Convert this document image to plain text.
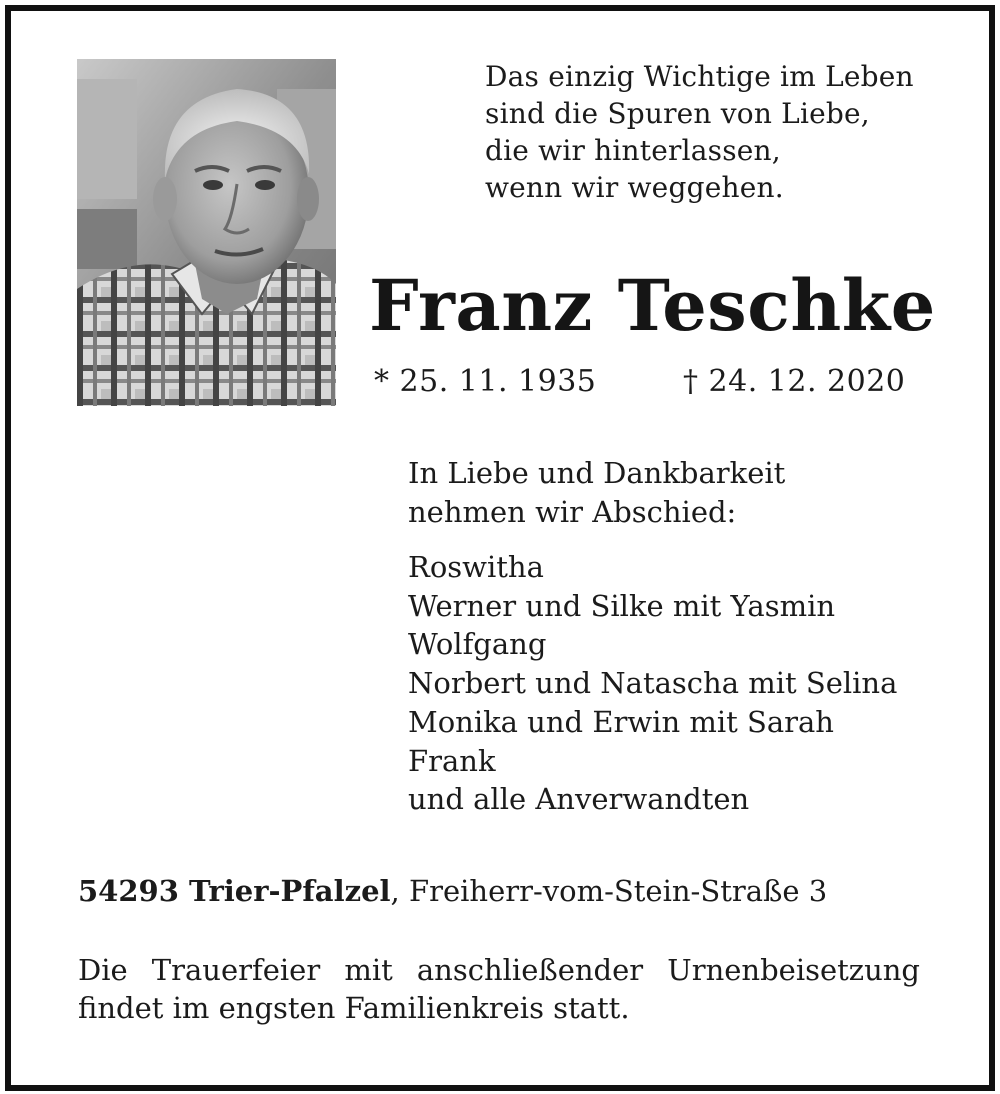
Das einzig Wichtige im Leben
sind die Spuren von Liebe,
die wir hinterlassen,
wenn wir weggehen.
Franz Teschke
* 25. 11. 1935	† 24. 12. 2020
In Liebe und Dankbarkeit
nehmen wir Abschied:
Roswitha
Werner und Silke mit Yasmin
Wolfgang
Norbert und Natascha mit Selina
Monika und Erwin mit Sarah
Frank
und alle Anverwandten
54293 Trier-Pfalzel, Freiherr-vom-Stein-Straße 3
Die Trauerfeier mit anschließender Urnenbeisetzung
findet im engsten Familienkreis statt.
